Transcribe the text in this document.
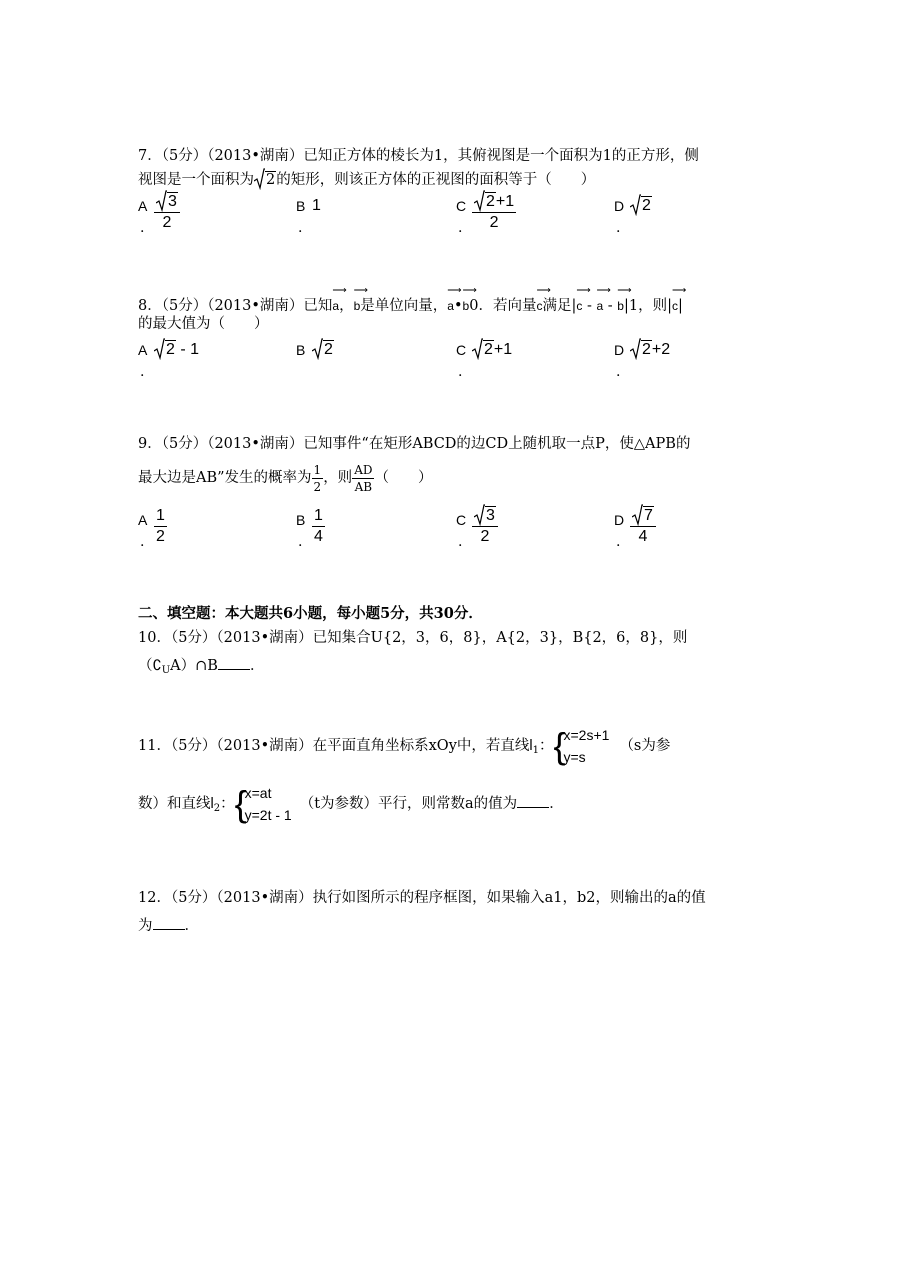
7．（5分）（2013•湖南）已知正方体的棱长为1，其俯视图是一个面积为1的正方形，侧
视图是一个面积为 2的矩形，则该正方体的正视图的面积等于（　　）
A
. $\frac{3}{2}$	B
.
1	C
. $\frac{2+1}{2}$	D
.
2
8．（5分）（2013•湖南）已知
⟶
a，
⟶
b是单位向量，
⟶
a•
⟶
b0．若向量
⟶
c满足|
⟶
c -
⟶
a -
⟶
b|1，则|
⟶
c|
的最大值为（　　）
A
.
2 - 1	B	2	C
.
2+1	D
.
2+2
9．（5分）（2013•湖南）已知事件“在矩形ABCD的边CD上随机取一点P，使△APB的
最大边是AB”发生的概率为 $\frac{1}{2}$ ，则 $\frac{AD}{AB}$ （　　）
A
. $\frac{1}{2}$	B
. $\frac{1}{4}$	C
. $\frac{3}{2}$	D
. $\frac{7}{4}$
二、填空题：本大题共6小题，每小题5分，共30分．
10．（5分）（2013•湖南）已知集合U{2，3，6，8}，A{2，3}，B{2，6，8}，则
$(∁_UA)\cap B$ ．
11．（5分）（2013•湖南）在平面直角坐标系xOy中，若直线$l_1$： {
x=2s+1
y=s
（s为参
数）和直线$l_2$： {
x=at
y=2t - 1
（t为参数）平行，则常数a的值为 ．
12．（5分）（2013•湖南）执行如图所示的程序框图，如果输入a1，b2，则输出的a的值
为 ．
